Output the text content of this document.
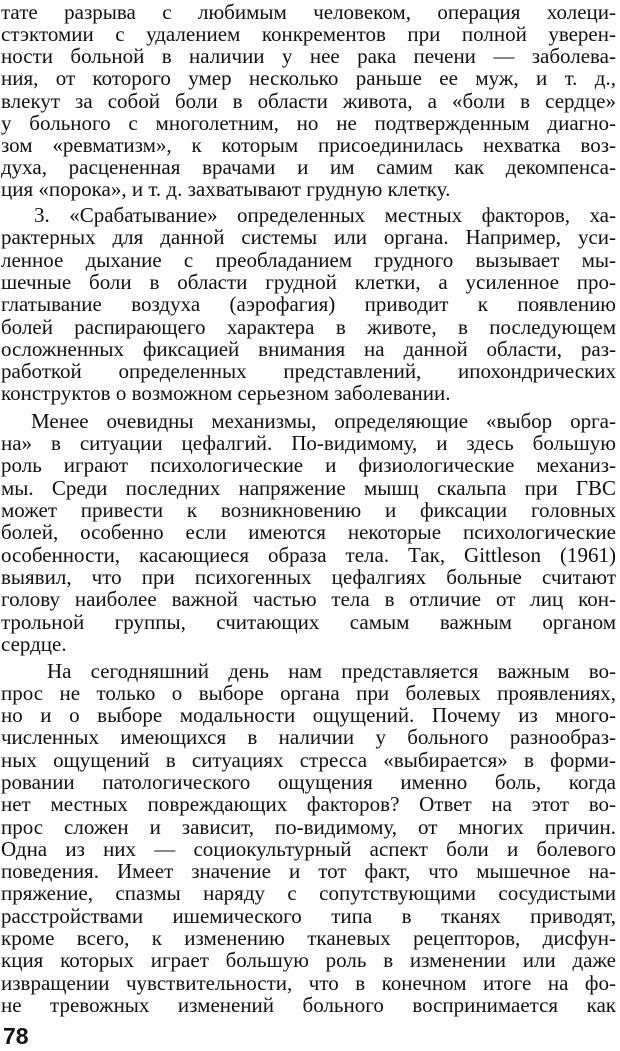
тате разрыва с любимым человеком, операция холеци-
стэктомии с удалением конкрементов при полной уверен-
ности больной в наличии у нее рака печени — заболева-
ния, от которого умер несколько раньше ее муж, и т. д.,
влекут за собой боли в области живота, а «боли в сердце»
у больного с многолетним, но не подтвержденным диагно-
зом «ревматизм», к которым присоединилась нехватка воз-
духа, расцененная врачами и им самим как декомпенса-
ция «порока», и т. д. захватывают грудную клетку.
3. «Срабатывание» определенных местных факторов, ха-
рактерных для данной системы или органа. Например, уси-
ленное дыхание с преобладанием грудного вызывает мы-
шечные боли в области грудной клетки, а усиленное про-
глатывание воздуха (аэрофагия) приводит к появлению
болей распирающего характера в животе, в последующем
осложненных фиксацией внимания на данной области, раз-
работкой определенных представлений, ипохондрических
конструктов о возможном серьезном заболевании.
Менее очевидны механизмы, определяющие «выбор орга-
на» в ситуации цефалгий. По-видимому, и здесь большую
роль играют психологические и физиологические механиз-
мы. Среди последних напряжение мышц скальпа при ГВС
может привести к возникновению и фиксации головных
болей, особенно если имеются некоторые психологические
особенности, касающиеся образа тела. Так, Gittleson (1961)
выявил, что при психогенных цефалгиях больные считают
голову наиболее важной частью тела в отличие от лиц кон-
трольной группы, считающих самым важным органом
сердце.
На сегодняшний день нам представляется важным во-
прос не только о выборе органа при болевых проявлениях,
но и о выборе модальности ощущений. Почему из много-
численных имеющихся в наличии у больного разнообраз-
ных ощущений в ситуациях стресса «выбирается» в форми-
ровании патологического ощущения именно боль, когда
нет местных повреждающих факторов? Ответ на этот во-
прос сложен и зависит, по-видимому, от многих причин.
Одна из них — социокультурный аспект боли и болевого
поведения. Имеет значение и тот факт, что мышечное на-
пряжение, спазмы наряду с сопутствующими сосудистыми
расстройствами ишемического типа в тканях приводят,
кроме всего, к изменению тканевых рецепторов, дисфун-
кция которых играет большую роль в изменении или даже
извращении чувствительности, что в конечном итоге на фо-
не тревожных изменений больного воспринимается как
78
